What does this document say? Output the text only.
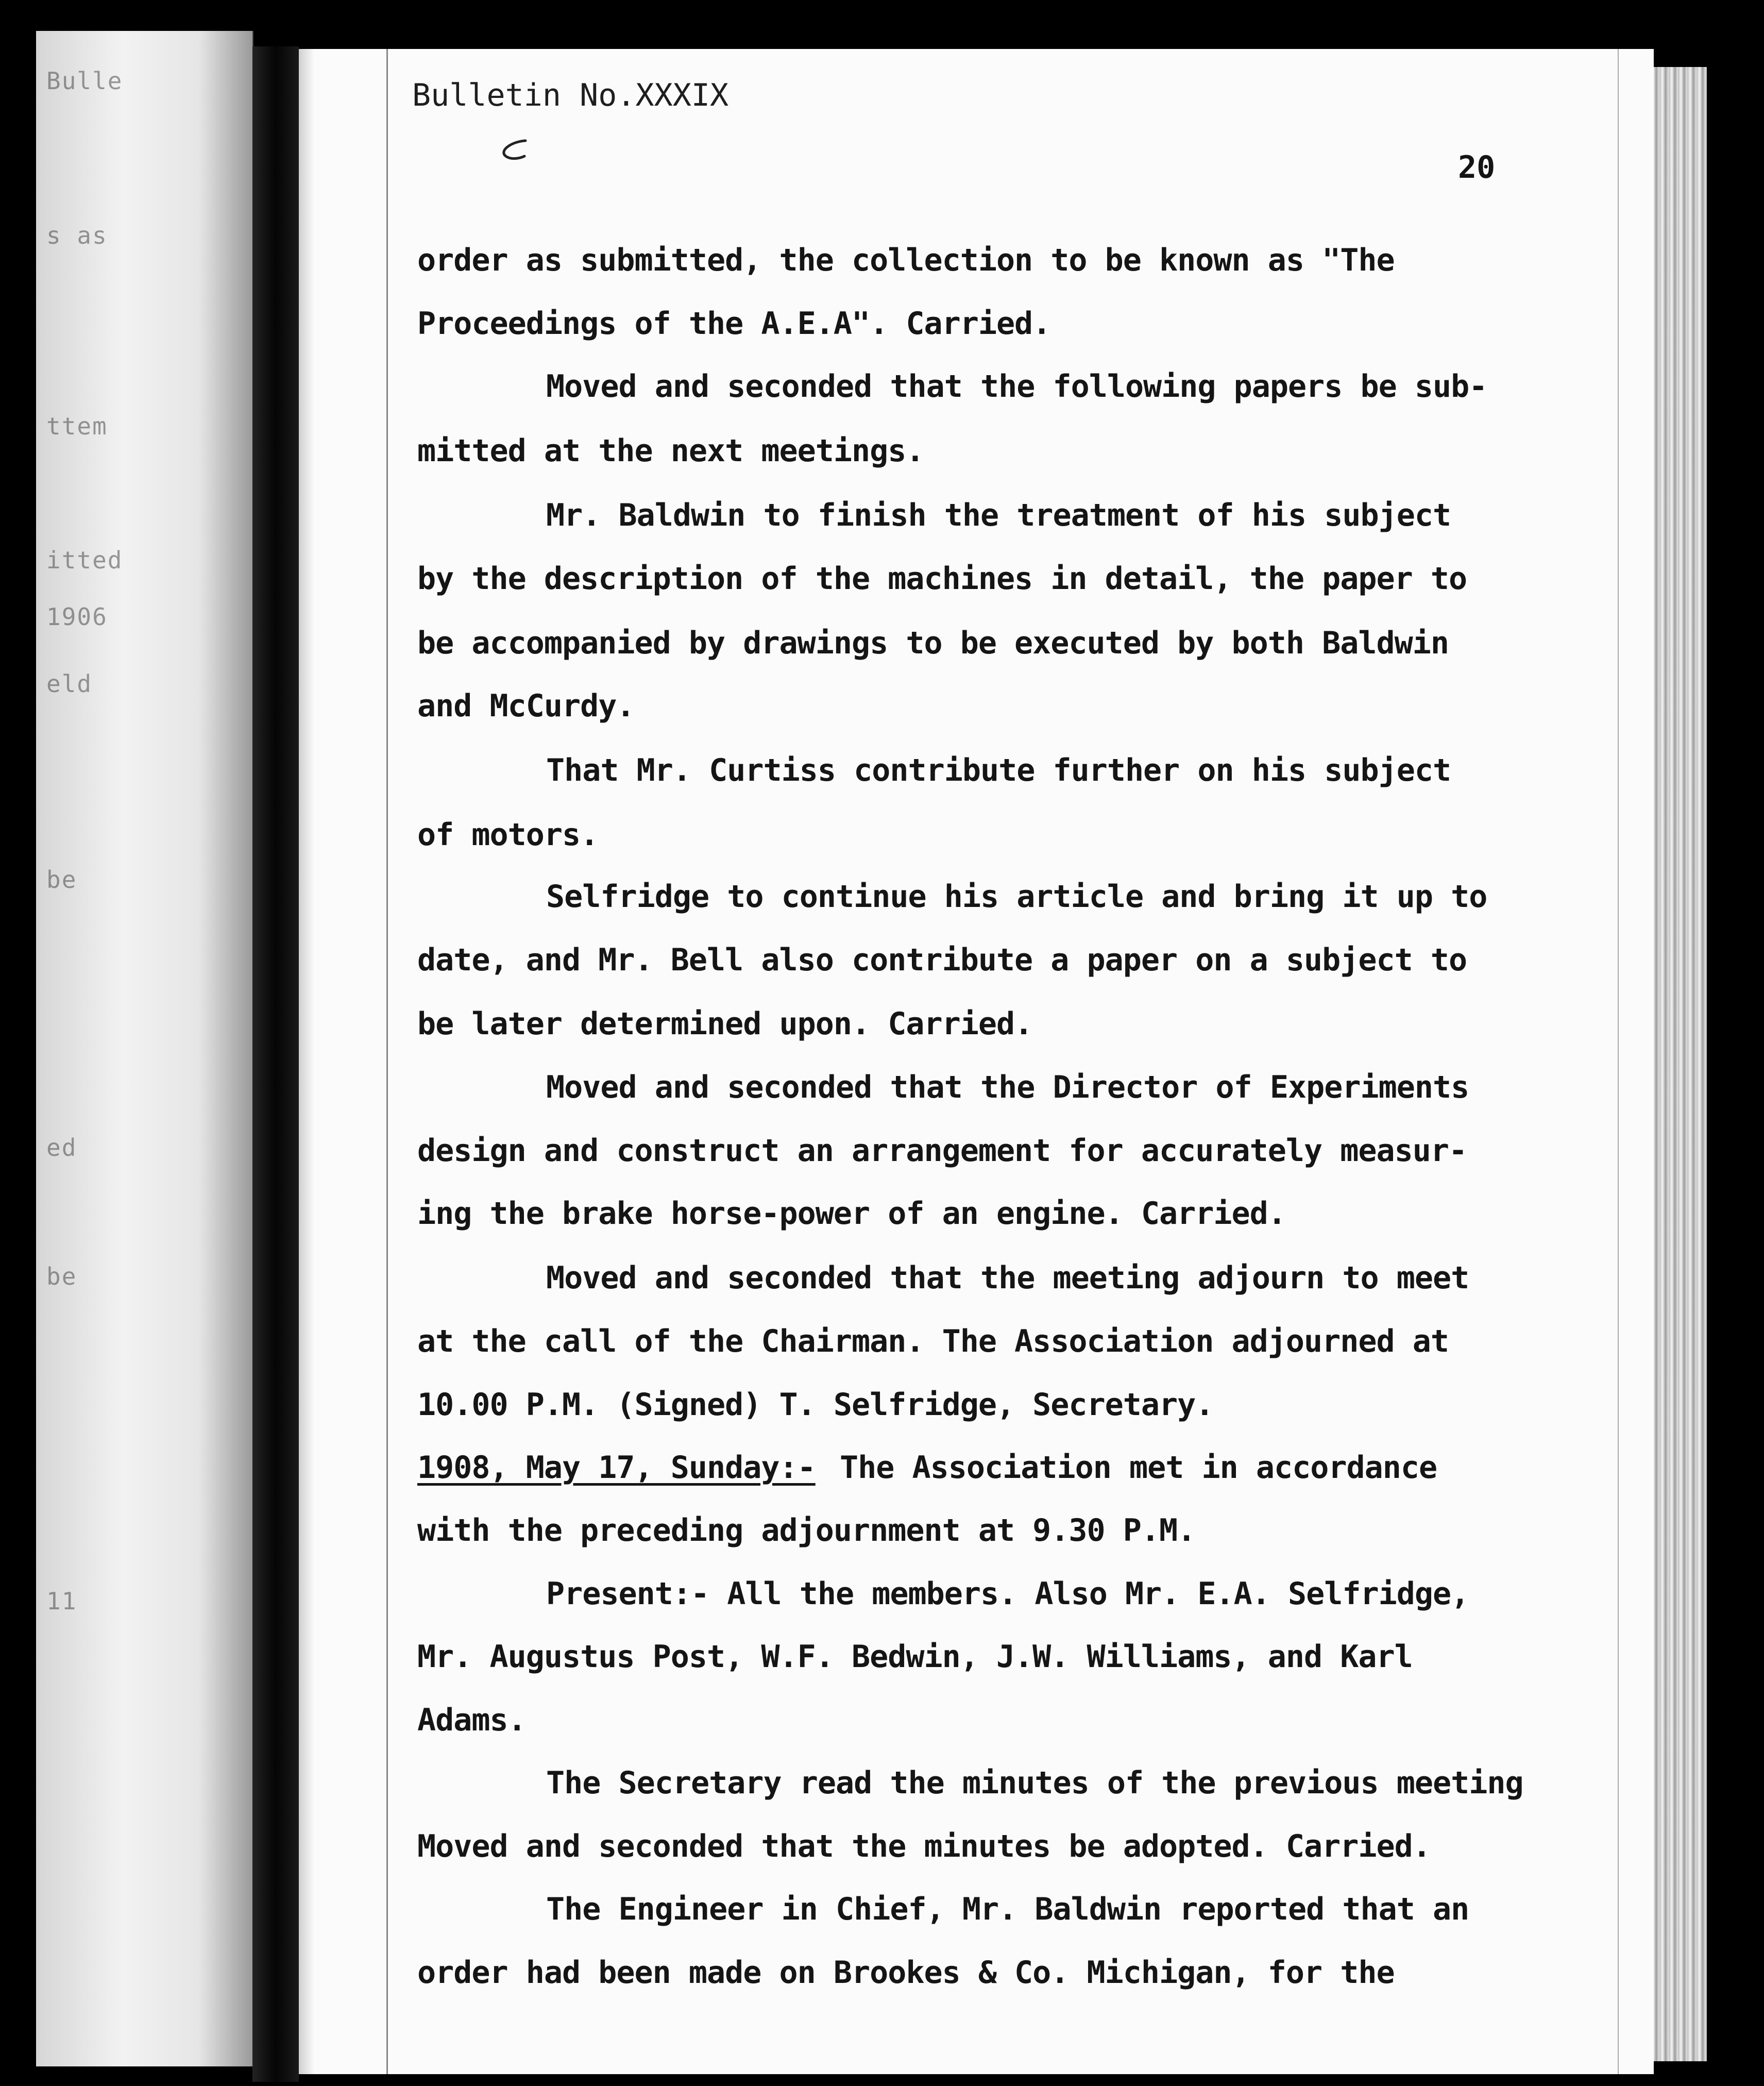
Bulle
s as
ttem
itted
1906
eld
be
ed
be
11
Bulletin No.XXXIX
20
order as submitted, the collection to be known as "The
Proceedings of the A.E.A". Carried.
Moved and seconded that the following papers be sub-
mitted at the next meetings.
Mr. Baldwin to finish the treatment of his subject
by the description of the machines in detail, the paper to
be accompanied by drawings to be executed by both Baldwin
and McCurdy.
That Mr. Curtiss contribute further on his subject
of motors.
Selfridge to continue his article and bring it up to
date, and Mr. Bell also contribute a paper on a subject to
be later determined upon. Carried.
Moved and seconded that the Director of Experiments
design and construct an arrangement for accurately measur-
ing the brake horse-power of an engine. Carried.
Moved and seconded that the meeting adjourn to meet
at the call of the Chairman. The Association adjourned at
10.00 P.M. (Signed) T. Selfridge, Secretary.
1908, May 17, Sunday:- The Association met in accordance
with the preceding adjournment at 9.30 P.M.
Present:- All the members. Also Mr. E.A. Selfridge,
Mr. Augustus Post, W.F. Bedwin, J.W. Williams, and Karl
Adams.
The Secretary read the minutes of the previous meeting
Moved and seconded that the minutes be adopted. Carried.
The Engineer in Chief, Mr. Baldwin reported that an
order had been made on Brookes & Co. Michigan, for the
